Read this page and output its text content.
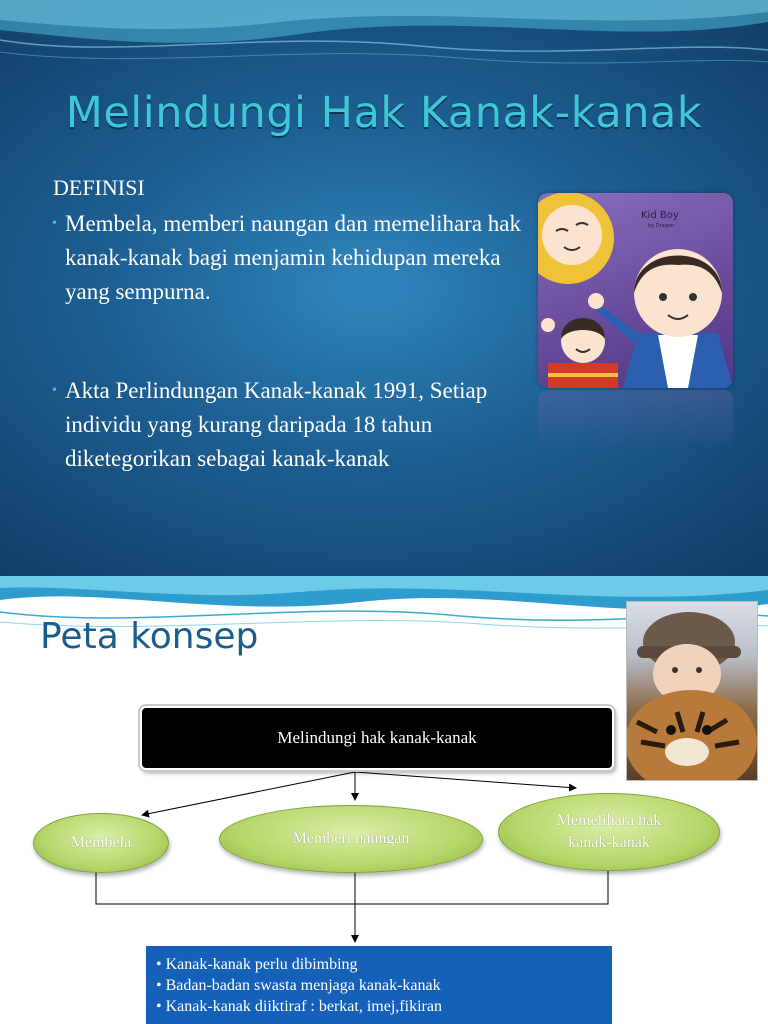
Melindungi Hak Kanak-kanak
DEFINISI
• Membela, memberi naungan dan memelihara hak kanak-kanak bagi menjamin kehidupan mereka yang sempurna.
• Akta Perlindungan Kanak-kanak 1991, Setiap individu yang kurang daripada 18 tahun diketegorikan sebagai kanak-kanak
Kid Boy
by Dragon
Peta konsep
Melindungi hak kanak-kanak
Membela	Memberi naungan
Memelihara hak kanak-kanak
• Kanak-kanak perlu dibimbing
• Badan-badan swasta menjaga kanak-kanak
• Kanak-kanak diiktiraf : berkat, imej,fikiran
